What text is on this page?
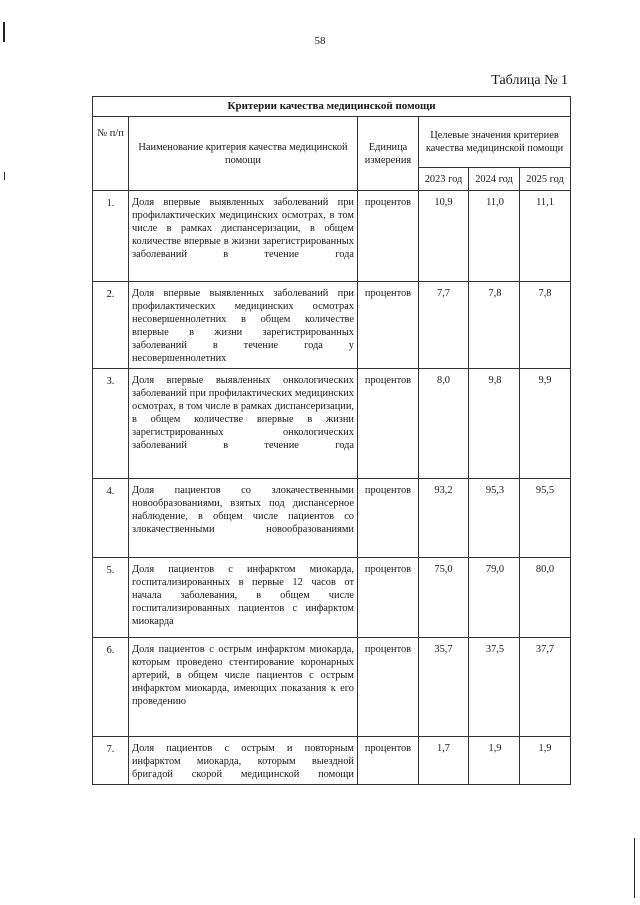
58
Таблица № 1
Критерии качества медицинской помощи					
№ п/п	Наименование критерия качества медицинской помощи	Единица измерения	Целевые значения критериев качества медицинской помощи		
			2023 год	2024 год	2025 год
1.	Доля впервые выявленных заболеваний при профилактических медицинских осмотрах, в том числе в рамках диспансеризации, в общем количестве впервые в жизни зарегистрированных заболеваний в течение года	процентов	10,9	11,0	11,1
2.	Доля впервые выявленных заболеваний при профилактических медицинских осмотрах несовершеннолетних в общем количестве впервые в жизни зарегистрированных заболеваний в течение года у несовершеннолетних	процентов	7,7	7,8	7,8
3.	Доля впервые выявленных онкологических заболеваний при профилактических медицинских осмотрах, в том числе в рамках диспансеризации, в общем количестве впервые в жизни зарегистрированных онкологических заболеваний в течение года	процентов	8,0	9,8	9,9
4.	Доля пациентов со злокачественными новообразованиями, взятых под диспансерное наблюдение, в общем числе пациентов со злокачественными новообразованиями	процентов	93,2	95,3	95,5
5.	Доля пациентов с инфарктом миокарда, госпитализированных в первые 12 часов от начала заболевания, в общем числе госпитализированных пациентов с инфарктом миокарда	процентов	75,0	79,0	80,0
6.	Доля пациентов с острым инфарктом миокарда, которым проведено стентирование коронарных артерий, в общем числе пациентов с острым инфарктом миокарда, имеющих показания к его проведению	процентов	35,7	37,5	37,7
7.	Доля пациентов с острым и повторным инфарктом миокарда, которым выездной бригадой скорой медицинской помощи	процентов	1,7	1,9	1,9
